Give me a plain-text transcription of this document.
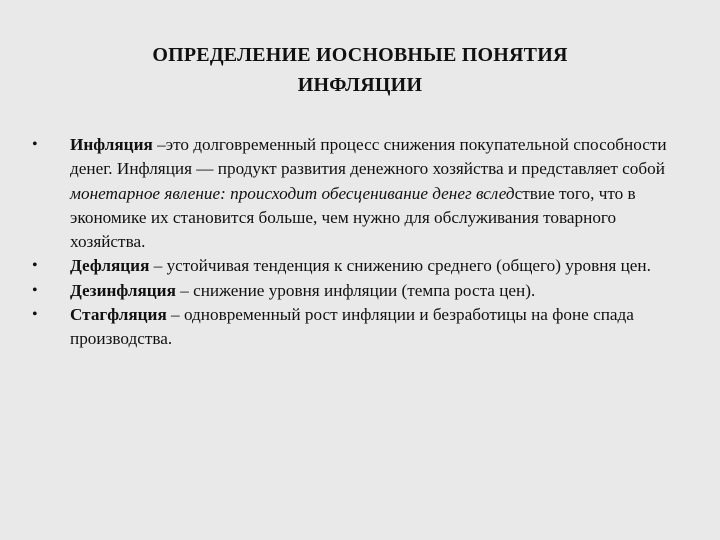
ОПРЕДЕЛЕНИЕ ИОСНОВНЫЕ ПОНЯТИЯ
ИНФЛЯЦИИ
• Инфляция –это долговременный процесс снижения покупательной способности денег. Инфляция — продукт развития денежного хозяйства и представляет собой монетарное явление: происходит обесценивание денег вследствие того, что в экономике их становится больше, чем нужно для обслуживания товарного хозяйства.
• Дефляция – устойчивая тенденция к снижению среднего (общего) уровня цен.
• Дезинфляция – снижение уровня инфляции (темпа роста цен).
• Стагфляция – одновременный рост инфляции и безработицы на фоне спада производства.
